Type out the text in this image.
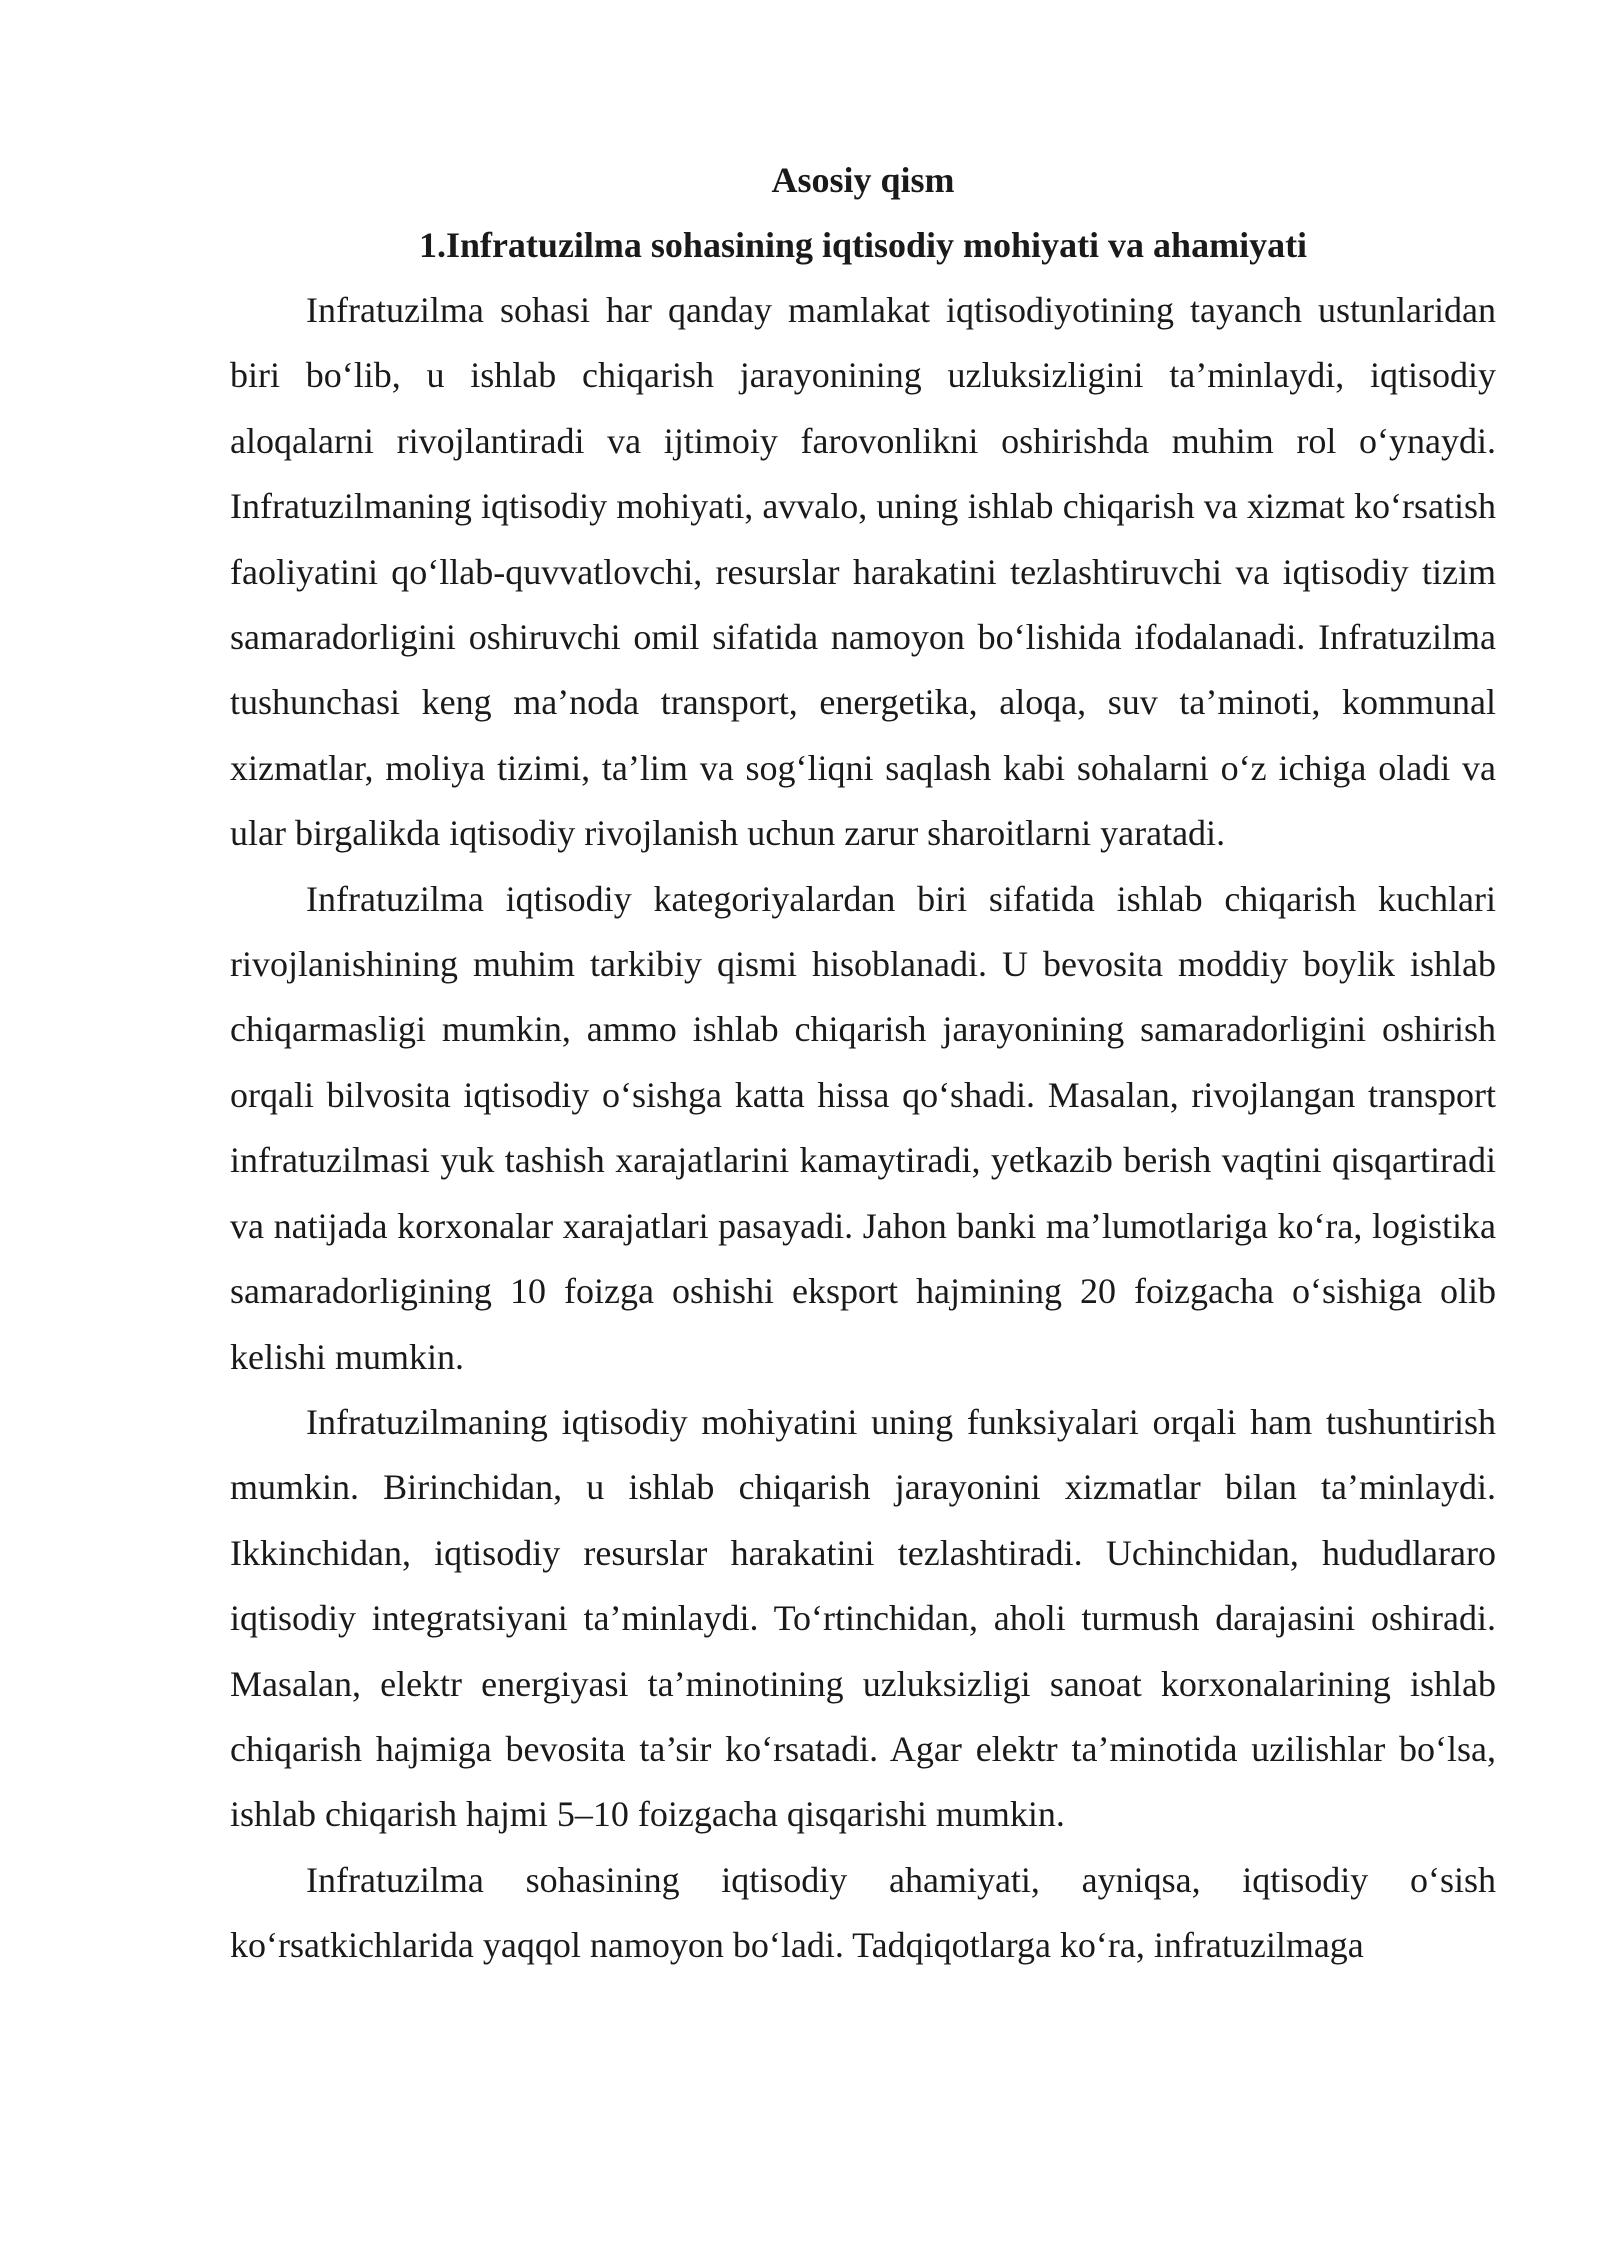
Asosiy qism
1.Infratuzilma sohasining iqtisodiy mohiyati va ahamiyati

Infratuzilma sohasi har qanday mamlakat iqtisodiyotining tayanch ustunlaridan biri bo‘lib, u ishlab chiqarish jarayonining uzluksizligini ta’minlaydi, iqtisodiy aloqalarni rivojlantiradi va ijtimoiy farovonlikni oshirishda muhim rol o‘ynaydi. Infratuzilmaning iqtisodiy mohiyati, avvalo, uning ishlab chiqarish va xizmat ko‘rsatish faoliyatini qo‘llab-quvvatlovchi, resurslar harakatini tezlashtiruvchi va iqtisodiy tizim samaradorligini oshiruvchi omil sifatida namoyon bo‘lishida ifodalanadi. Infratuzilma tushunchasi keng ma’noda transport, energetika, aloqa, suv ta’minoti, kommunal xizmatlar, moliya tizimi, ta’lim va sog‘liqni saqlash kabi sohalarni o‘z ichiga oladi va ular birgalikda iqtisodiy rivojlanish uchun zarur sharoitlarni yaratadi.

Infratuzilma iqtisodiy kategoriyalardan biri sifatida ishlab chiqarish kuchlari rivojlanishining muhim tarkibiy qismi hisoblanadi. U bevosita moddiy boylik ishlab chiqarmasligi mumkin, ammo ishlab chiqarish jarayonining samaradorligini oshirish orqali bilvosita iqtisodiy o‘sishga katta hissa qo‘shadi. Masalan, rivojlangan transport infratuzilmasi yuk tashish xarajatlarini kamaytiradi, yetkazib berish vaqtini qisqartiradi va natijada korxonalar xarajatlari pasayadi. Jahon banki ma’lumotlariga ko‘ra, logistika samaradorligining 10 foizga oshishi eksport hajmining 20 foizgacha o‘sishiga olib kelishi mumkin.

Infratuzilmaning iqtisodiy mohiyatini uning funksiyalari orqali ham tushuntirish mumkin. Birinchidan, u ishlab chiqarish jarayonini xizmatlar bilan ta’minlaydi. Ikkinchidan, iqtisodiy resurslar harakatini tezlashtiradi. Uchinchidan, hududlararo iqtisodiy integratsiyani ta’minlaydi. To‘rtinchidan, aholi turmush darajasini oshiradi. Masalan, elektr energiyasi ta’minotining uzluksizligi sanoat korxonalarining ishlab chiqarish hajmiga bevosita ta’sir ko‘rsatadi. Agar elektr ta’minotida uzilishlar bo‘lsa, ishlab chiqarish hajmi 5–10 foizgacha qisqarishi mumkin.

Infratuzilma sohasining iqtisodiy ahamiyati, ayniqsa, iqtisodiy o‘sish ko‘rsatkichlarida yaqqol namoyon bo‘ladi. Tadqiqotlarga ko‘ra, infratuzilmaga
